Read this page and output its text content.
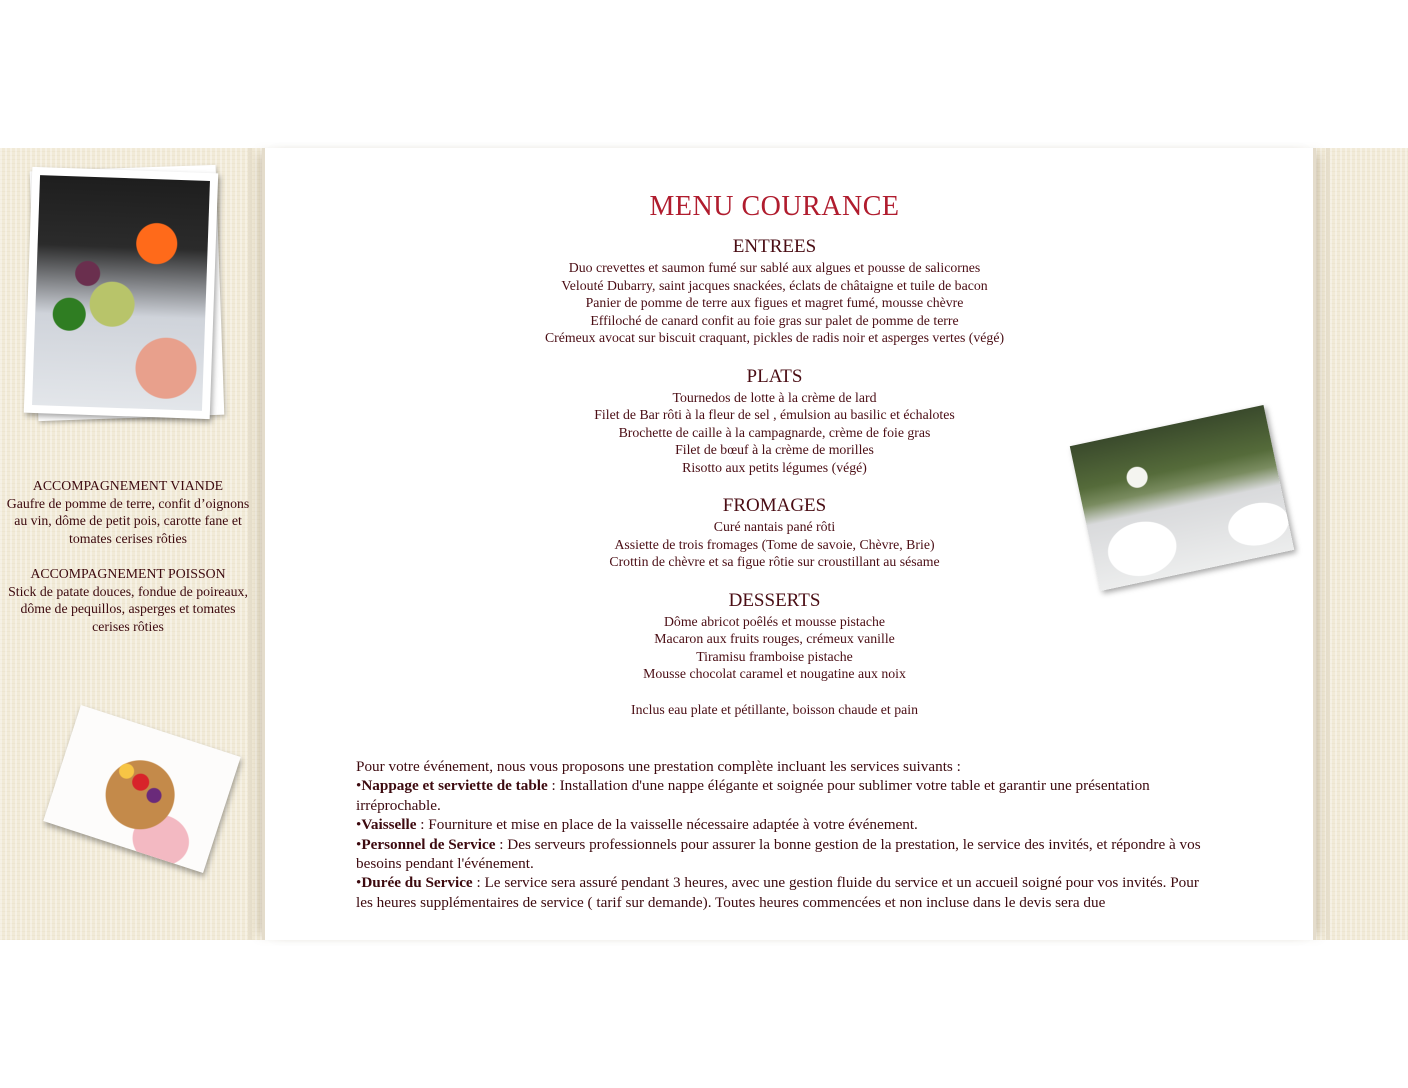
ACCOMPAGNEMENT VIANDE
Gaufre de pomme de terre, confit d’oignons au vin, dôme de petit pois, carotte fane et tomates cerises rôties
ACCOMPAGNEMENT POISSON
Stick de patate douces, fondue de poireaux, dôme de pequillos, asperges et tomates cerises rôties
MENU COURANCE
ENTREES
Duo crevettes et saumon fumé sur sablé aux algues et pousse de salicornes
Velouté Dubarry, saint jacques snackées, éclats de châtaigne et tuile de bacon
Panier de pomme de terre aux figues et magret fumé, mousse chèvre
Effiloché de canard confit au foie gras sur palet de pomme de terre
Crémeux avocat sur biscuit craquant, pickles de radis noir et asperges vertes (végé)
PLATS
Tournedos de lotte à la crème de lard
Filet de Bar rôti à la fleur de sel , émulsion au basilic et échalotes
Brochette de caille à la campagnarde, crème de foie gras
Filet de bœuf à la crème de morilles
Risotto aux petits légumes (végé)
FROMAGES
Curé nantais pané rôti
Assiette de trois fromages (Tome de savoie, Chèvre, Brie)
Crottin de chèvre et sa figue rôtie sur croustillant au sésame
DESSERTS
Dôme abricot poêlés et mousse pistache
Macaron aux fruits rouges, crémeux vanille
Tiramisu framboise pistache
Mousse chocolat caramel et nougatine aux noix
Inclus eau plate et pétillante, boisson chaude et pain
Pour votre événement, nous vous proposons une prestation complète incluant les services suivants :
•Nappage et serviette de table : Installation d'une nappe élégante et soignée pour sublimer votre table et garantir une présentation irréprochable.
•Vaisselle : Fourniture et mise en place de la vaisselle nécessaire adaptée à votre événement.
•Personnel de Service : Des serveurs professionnels pour assurer la bonne gestion de la prestation, le service des invités, et répondre à vos besoins pendant l'événement.
•Durée du Service : Le service sera assuré pendant 3 heures, avec une gestion fluide du service et un accueil soigné pour vos invités. Pour les heures supplémentaires de service ( tarif sur demande). Toutes heures commencées et non incluse dans le devis sera due
